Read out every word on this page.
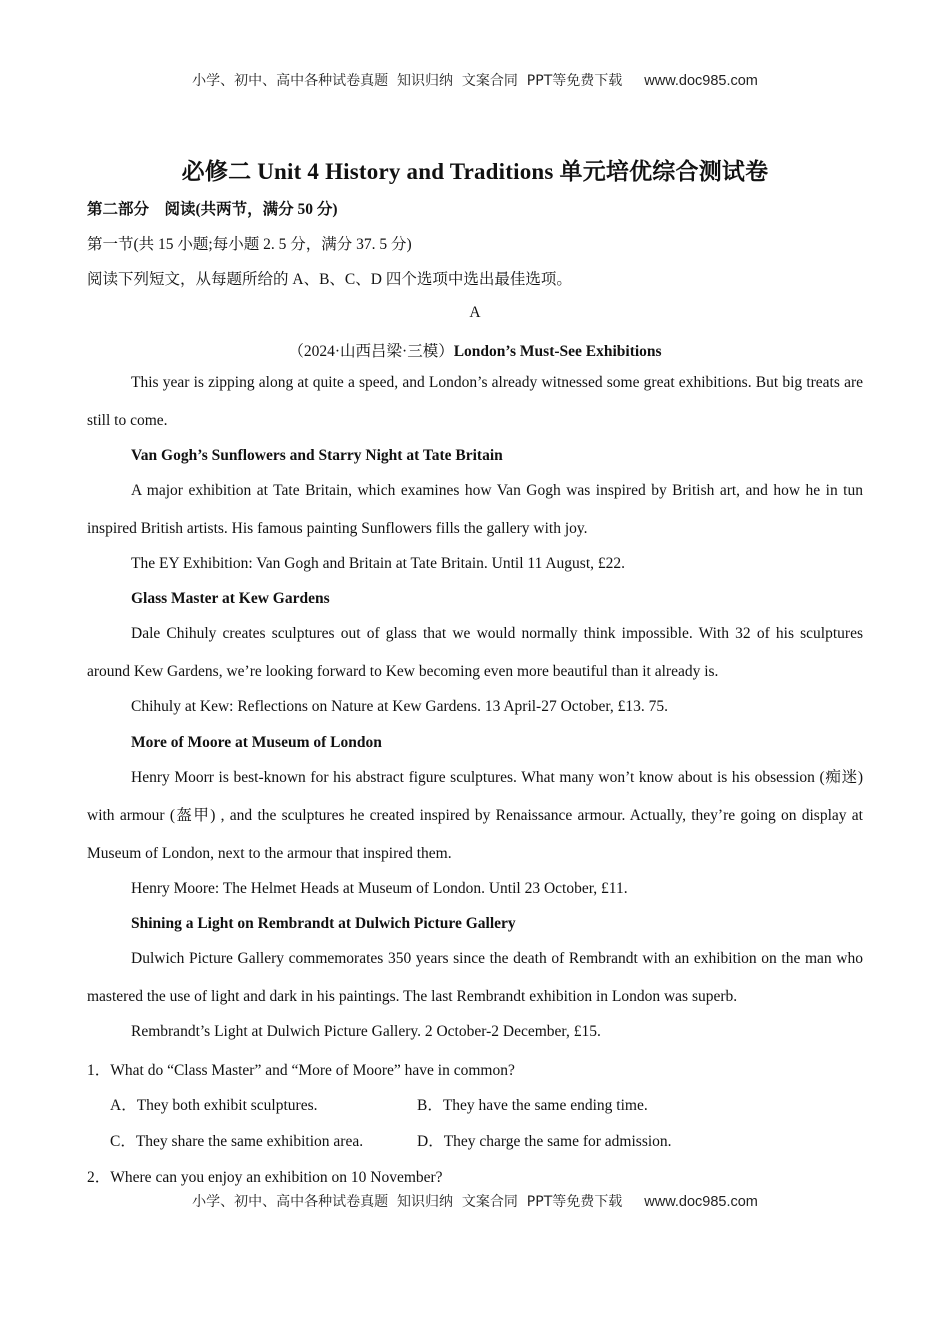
小学、初中、高中各种试卷真题  知识归纳  文案合同  PPT等免费下载 www.doc985.com
必修二 Unit 4 History and Traditions 单元培优综合测试卷
第二部分　阅读(共两节，满分 50 分)
第一节(共 15 小题;每小题 2. 5 分，满分 37. 5 分)
阅读下列短文，从每题所给的 A、B、C、D 四个选项中选出最佳选项。
A
（2024·山西吕梁·三模）London’s Must-See Exhibitions

This year is zipping along at quite a speed, and London’s already witnessed some great exhibitions. But big treats are still to come.

Van Gogh’s Sunflowers and Starry Night at Tate Britain

A major exhibition at Tate Britain, which examines how Van Gogh was inspired by British art, and how he in tun inspired British artists. His famous painting Sunflowers fills the gallery with joy.

The EY Exhibition: Van Gogh and Britain at Tate Britain. Until 11 August, £22.
Glass Master at Kew Gardens

Dale Chihuly creates sculptures out of glass that we would normally think impossible. With 32 of his sculptures around Kew Gardens, we’re looking forward to Kew becoming even more beautiful than it already is.

Chihuly at Kew: Reflections on Nature at Kew Gardens. 13 April-27 October, £13. 75.
More of Moore at Museum of London

Henry Moorr is best-known for his abstract figure sculptures. What many won’t know about is his obsession (痴迷) with armour (盔甲) , and the sculptures he created inspired by Renaissance armour. Actually, they’re going on display at Museum of London, next to the armour that inspired them.

Henry Moore: The Helmet Heads at Museum of London. Until 23 October, £11.
Shining a Light on Rembrandt at Dulwich Picture Gallery

Dulwich Picture Gallery commemorates 350 years since the death of Rembrandt with an exhibition on the man who mastered the use of light and dark in his paintings. The last Rembrandt exhibition in London was superb.

Rembrandt’s Light at Dulwich Picture Gallery. 2 October-2 December, £15.
1．What do “Class Master” and “More of Moore” have in common?
A．They both exhibit sculptures.	B．They have the same ending time.
C．They share the same exhibition area.	D．They charge the same for admission.
2．Where can you enjoy an exhibition on 10 November?
小学、初中、高中各种试卷真题  知识归纳  文案合同  PPT等免费下载 www.doc985.com
